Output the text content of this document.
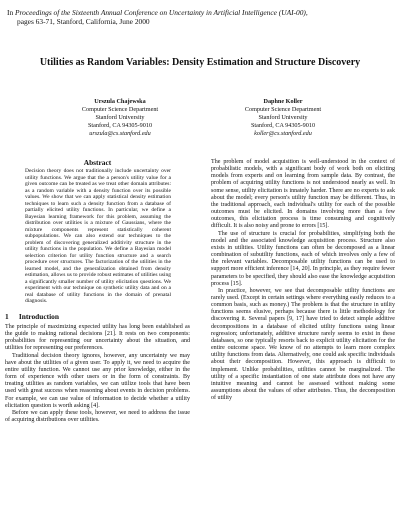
In Proceedings of the Sixteenth Annual Conference on Uncertainty in Artificial Intelligence (UAI-00),
pages 63-71, Stanford, California, June 2000
Utilities as Random Variables: Density Estimation and Structure Discovery
Urszula Chajewska
Computer Science Department
Stanford University
Stanford, CA 94305-9010
urszula@cs.stanford.edu
Daphne Koller
Computer Science Department
Stanford University
Stanford, CA 94305-9010
koller@cs.stanford.edu
Abstract
Decision theory does not traditionally include uncertainty over utility functions. We argue that the a person's utility value for a given outcome can be treated as we treat other domain attributes: as a random variable with a density function over its possible values. We show that we can apply statistical density estimation techniques to learn such a density function from a database of partially elicited utility functions. In particular, we define a Bayesian learning framework for this problem, assuming the distribution over utilities is a mixture of Gaussians, where the mixture components represent statistically coherent subpopulations. We can also extend our techniques to the problem of discovering generalized additivity structure in the utility functions in the population. We define a Bayesian model selection criterion for utility function structure and a search procedure over structures. The factorization of the utilities in the learned model, and the generalization obtained from density estimation, allows us to provide robust estimates of utilities using a significantly smaller number of utility elicitation questions. We experiment with our technique on synthetic utility data and on a real database of utility functions in the domain of prenatal diagnosis.
1 Introduction

The principle of maximizing expected utility has long been established as the guide to making rational decisions [21]. It rests on two components: probabilities for representing our uncertainty about the situation, and utilities for representing our preferences.

Traditional decision theory ignores, however, any uncertainty we may have about the utilities of a given user. To apply it, we need to acquire the entire utility function. We cannot use any prior knowledge, either in the form of experience with other users or in the form of constraints. By treating utilities as random variables, we can utilize tools that have been used with great success when reasoning about events in decision problems. For example, we can use value of information to decide whether a utility elicitation question is worth asking [4].

Before we can apply these tools, however, we need to address the issue of acquiring distributions over utilities.

The problem of model acquisition is well-understood in the context of probabilistic models, with a significant body of work both on eliciting models from experts and on learning from sample data. By contrast, the problem of acquiring utility functions is not understood nearly as well. In some sense, utility elicitation is innately harder. There are no experts to ask about the model; every person's utility function may be different. Thus, in the traditional approach, each individual's utility for each of the possible outcomes must be elicited. In domains involving more than a few outcomes, this elicitation process is time consuming and cognitively difficult. It is also noisy and prone to errors [15].

The use of structure is crucial for probabilities, simplifying both the model and the associated knowledge acquisition process. Structure also exists in utilities. Utility functions can often be decomposed as a linear combination of subutility functions, each of which involves only a few of the relevant variables. Decomposable utility functions can be used to support more efficient inference [14, 20]. In principle, as they require fewer parameters to be specified, they should also ease the knowledge acquisition process [15].

In practice, however, we see that decomposable utility functions are rarely used. (Except in certain settings where everything easily reduces to a common basis, such as money.) The problem is that the structure in utility functions seems elusive, perhaps because there is little methodology for discovering it. Several papers [9, 17] have tried to detect simple additive decompositions in a database of elicited utility functions using linear regression; unfortunately, additive structure rarely seems to exist in these databases, so one typically resorts back to explicit utility elicitation for the entire outcome space. We know of no attempts to learn more complex utility functions from data. Alternatively, one could ask specific individuals about their decomposition. However, this approach is difficult to implement. Unlike probabilities, utilities cannot be marginalized. The utility of a specific instantiation of one state attribute does not have any intuitive meaning and cannot be assessed without making some assumptions about the values of other attributes. Thus, the decomposition of utility
